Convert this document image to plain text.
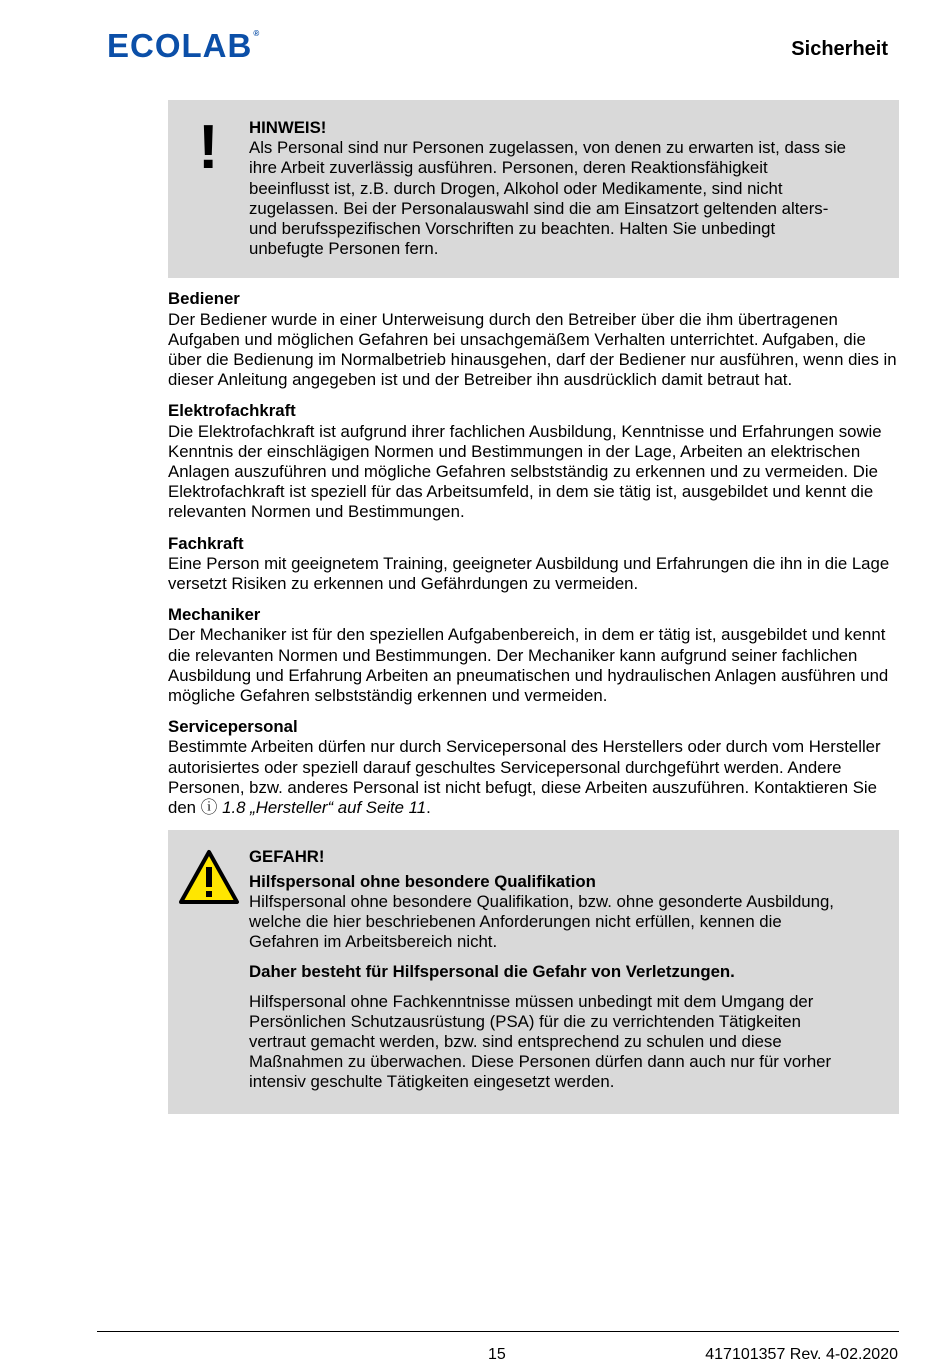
ECOLAB ®
Sicherheit
! HINWEIS!
Als Personal sind nur Personen zugelassen, von denen zu erwarten ist, dass sie ihre Arbeit zuverlässig ausführen. Personen, deren Reaktionsfähigkeit beeinflusst ist, z.B. durch Drogen, Alkohol oder Medikamente, sind nicht zugelassen. Bei der Personalauswahl sind die am Einsatzort geltenden alters- und berufsspezifischen Vorschriften zu beachten. Halten Sie unbedingt unbefugte Personen fern.
Bediener

Der Bediener wurde in einer Unterweisung durch den Betreiber über die ihm übertragenen Aufgaben und möglichen Gefahren bei unsachgemäßem Verhalten unterrichtet. Aufgaben, die über die Bedienung im Normalbetrieb hinausgehen, darf der Bediener nur ausführen, wenn dies in dieser Anleitung angegeben ist und der Betreiber ihn ausdrücklich damit betraut hat.

Elektrofachkraft

Die Elektrofachkraft ist aufgrund ihrer fachlichen Ausbildung, Kenntnisse und Erfahrungen sowie Kenntnis der einschlägigen Normen und Bestimmungen in der Lage, Arbeiten an elektrischen Anlagen auszuführen und mögliche Gefahren selbstständig zu erkennen und zu vermeiden. Die Elektrofachkraft ist speziell für das Arbeitsumfeld, in dem sie tätig ist, ausgebildet und kennt die relevanten Normen und Bestimmungen.

Fachkraft

Eine Person mit geeignetem Training, geeigneter Ausbildung und Erfahrungen die ihn in die Lage versetzt Risiken zu erkennen und Gefährdungen zu vermeiden.

Mechaniker

Der Mechaniker ist für den speziellen Aufgabenbereich, in dem er tätig ist, ausgebildet und kennt die relevanten Normen und Bestimmungen. Der Mechaniker kann aufgrund seiner fachlichen Ausbildung und Erfahrung Arbeiten an pneumatischen und hydraulischen Anlagen ausführen und mögliche Gefahren selbstständig erkennen und vermeiden.

Servicepersonal

Bestimmte Arbeiten dürfen nur durch Servicepersonal des Herstellers oder durch vom Hersteller autorisiertes oder speziell darauf geschultes Servicepersonal durchgeführt werden. Andere Personen, bzw. anderes Personal ist nicht befugt, diese Arbeiten auszuführen. Kontaktieren Sie den ⓘ 1.8 „Hersteller“ auf Seite 11.

GEFAHR!
Hilfspersonal ohne besondere Qualifikation

Hilfspersonal ohne besondere Qualifikation, bzw. ohne gesonderte Ausbildung, welche die hier beschriebenen Anforderungen nicht erfüllen, kennen die Gefahren im Arbeitsbereich nicht.

Daher besteht für Hilfspersonal die Gefahr von Verletzungen.

Hilfspersonal ohne Fachkenntnisse müssen unbedingt mit dem Umgang der Persönlichen Schutzausrüstung (PSA) für die zu verrichtenden Tätigkeiten vertraut gemacht werden, bzw. sind entsprechend zu schulen und diese Maßnahmen zu überwachen. Diese Personen dürfen dann auch nur für vorher intensiv geschulte Tätigkeiten eingesetzt werden.

15	417101357 Rev. 4-02.2020
